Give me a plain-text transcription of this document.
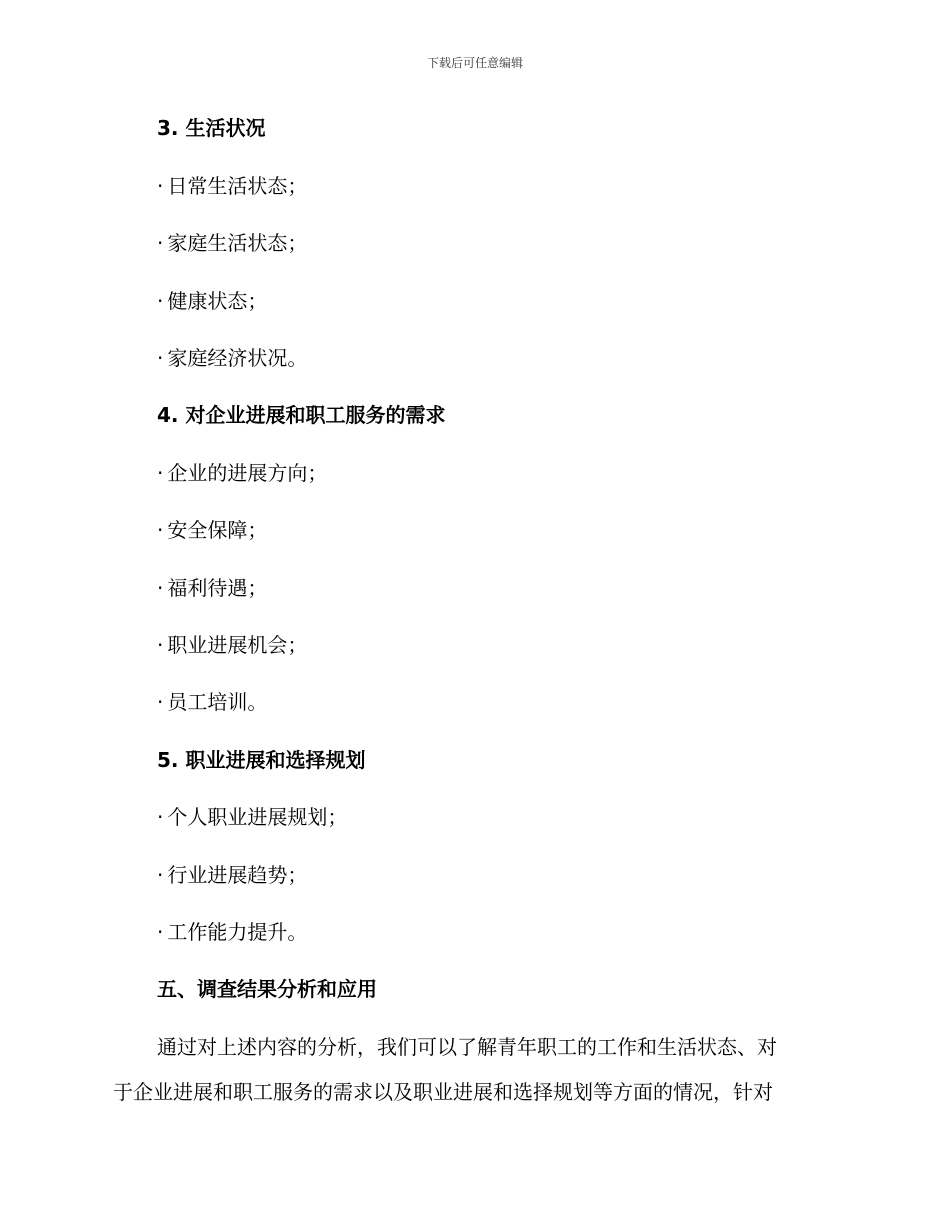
下载后可任意编辑
3. 生活状况
· 日常生活状态；
· 家庭生活状态；
· 健康状态；
· 家庭经济状况。
4. 对企业进展和职工服务的需求
· 企业的进展方向；
· 安全保障；
· 福利待遇；
· 职业进展机会；
· 员工培训。
5. 职业进展和选择规划
· 个人职业进展规划；
· 行业进展趋势；
· 工作能力提升。
五、调查结果分析和应用
通过对上述内容的分析，我们可以了解青年职工的工作和生活状态、对
于企业进展和职工服务的需求以及职业进展和选择规划等方面的情况，针对
